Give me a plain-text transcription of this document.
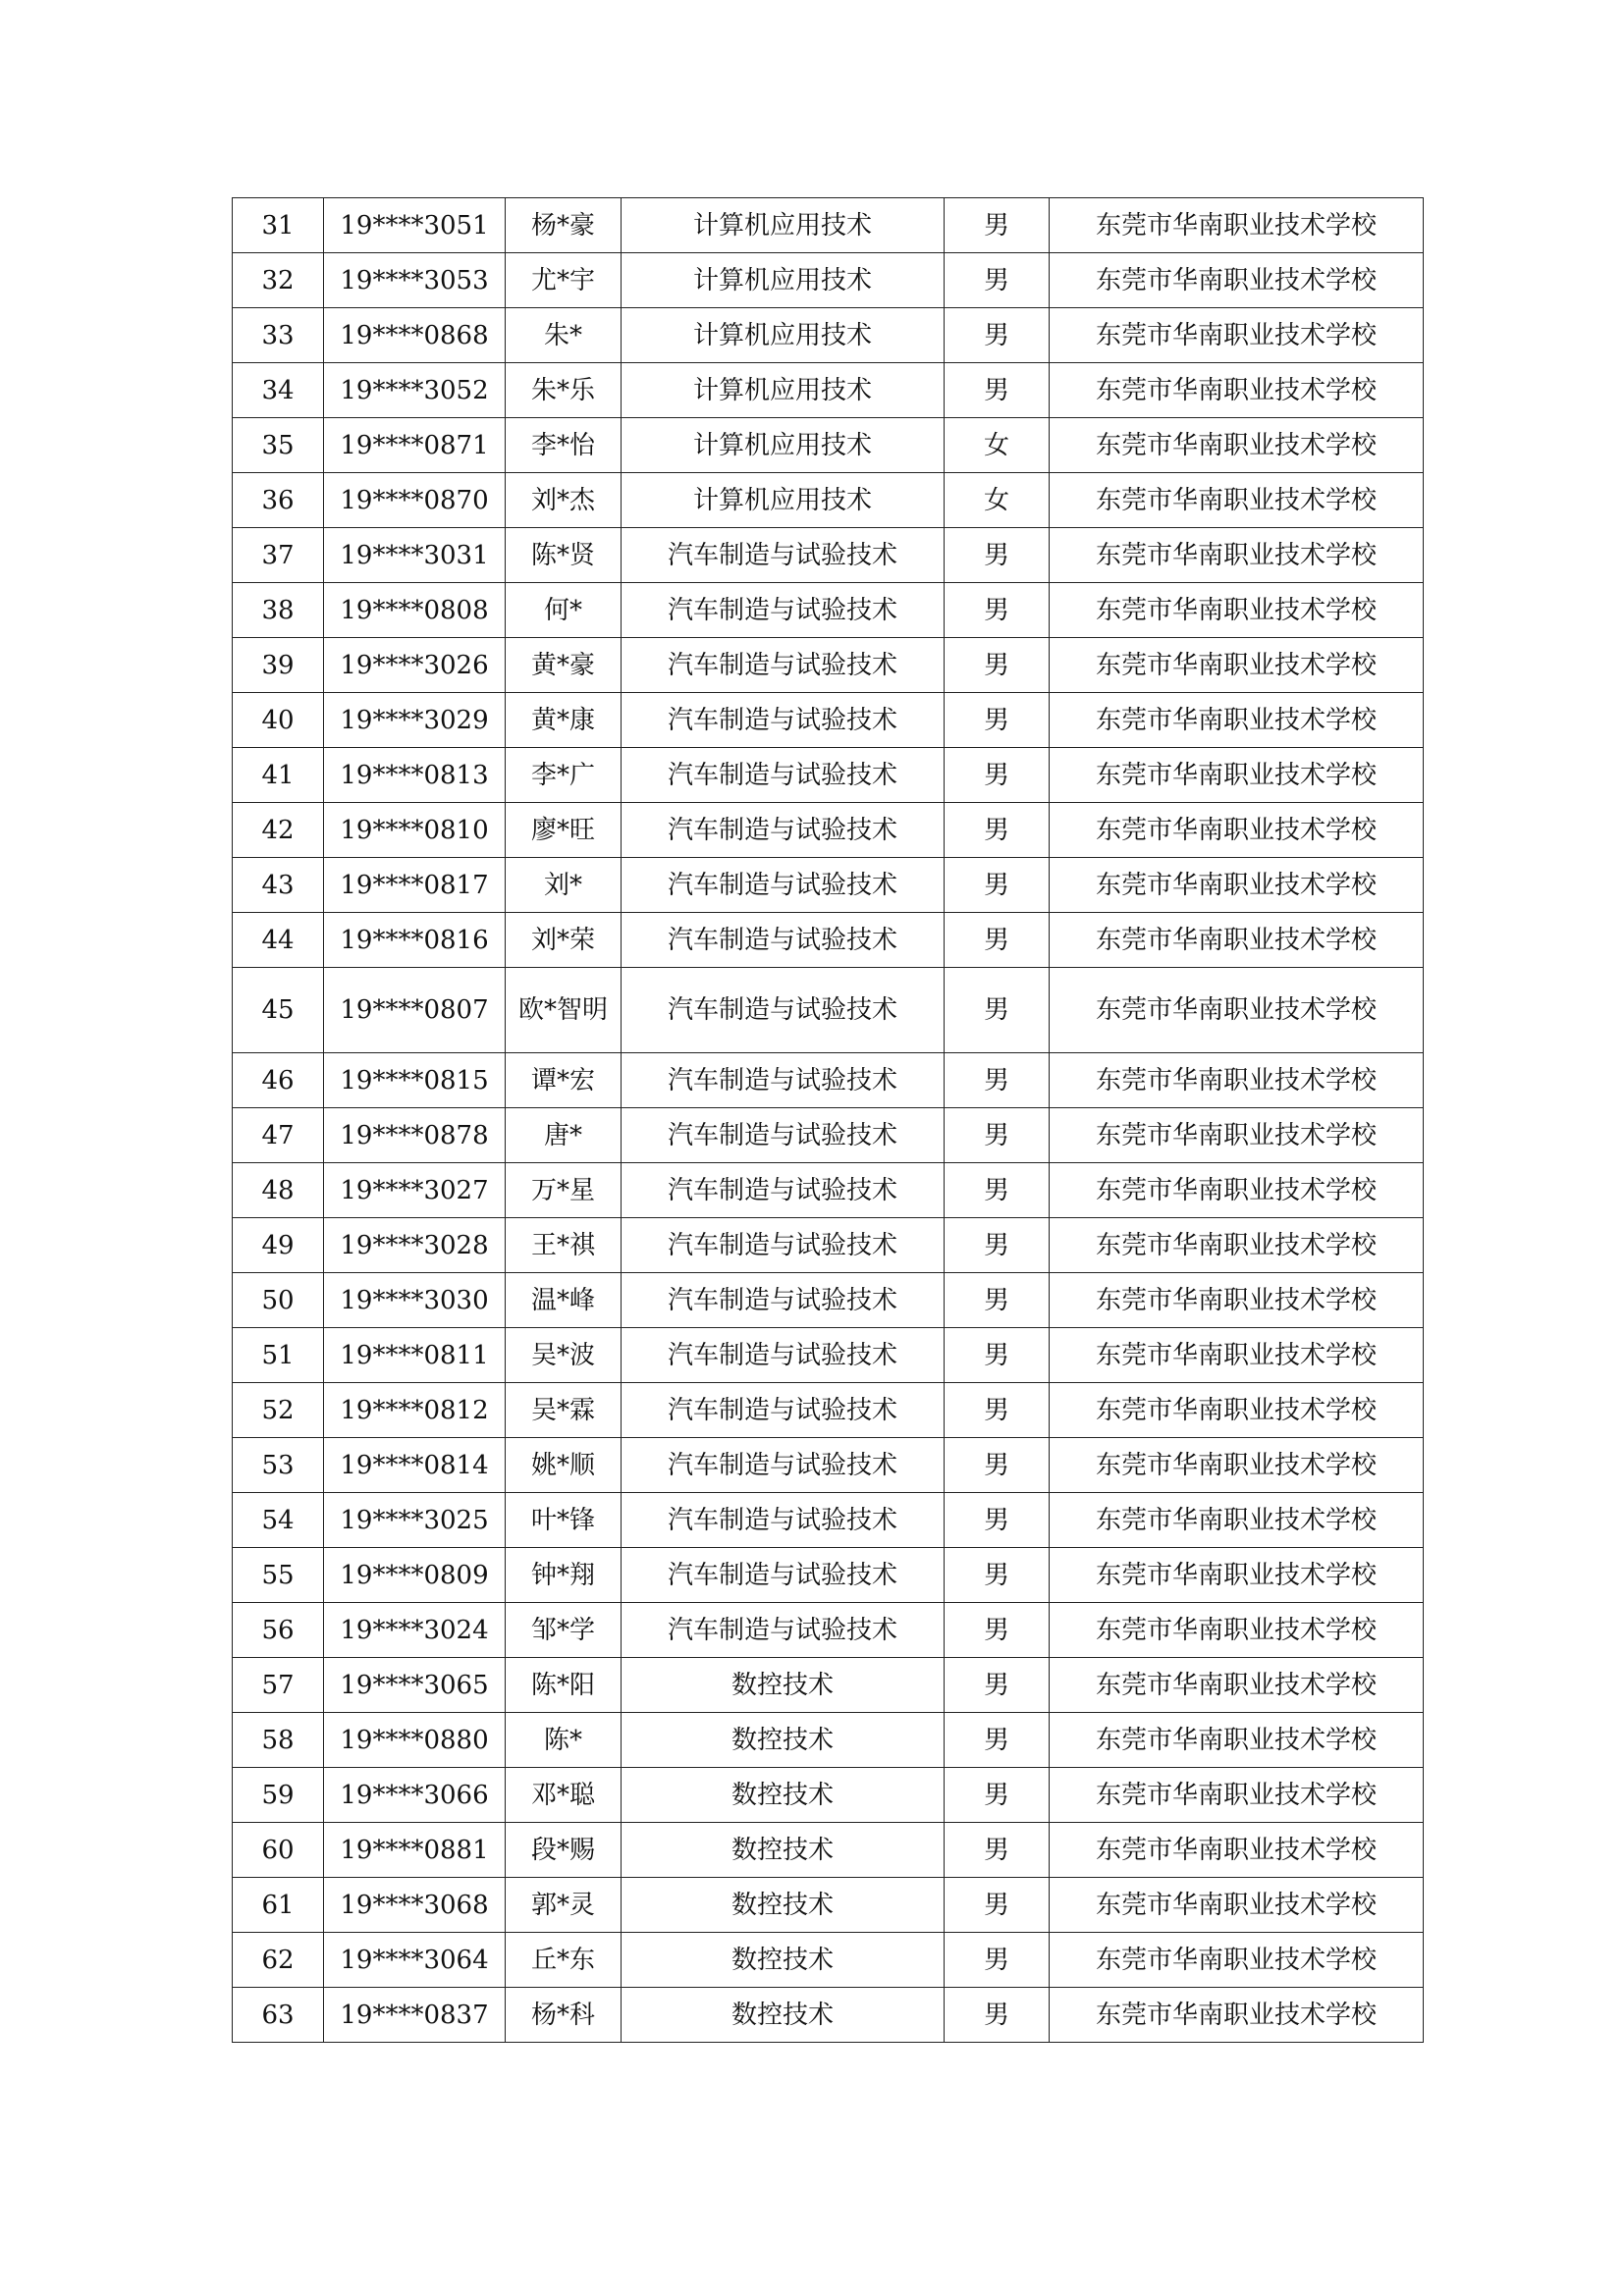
31	19****3051	杨*豪	计算机应用技术	男	东莞市华南职业技术学校
32	19****3053	尤*宇	计算机应用技术	男	东莞市华南职业技术学校
33	19****0868	朱*	计算机应用技术	男	东莞市华南职业技术学校
34	19****3052	朱*乐	计算机应用技术	男	东莞市华南职业技术学校
35	19****0871	李*怡	计算机应用技术	女	东莞市华南职业技术学校
36	19****0870	刘*杰	计算机应用技术	女	东莞市华南职业技术学校
37	19****3031	陈*贤	汽车制造与试验技术	男	东莞市华南职业技术学校
38	19****0808	何*	汽车制造与试验技术	男	东莞市华南职业技术学校
39	19****3026	黄*豪	汽车制造与试验技术	男	东莞市华南职业技术学校
40	19****3029	黄*康	汽车制造与试验技术	男	东莞市华南职业技术学校
41	19****0813	李*广	汽车制造与试验技术	男	东莞市华南职业技术学校
42	19****0810	廖*旺	汽车制造与试验技术	男	东莞市华南职业技术学校
43	19****0817	刘*	汽车制造与试验技术	男	东莞市华南职业技术学校
44	19****0816	刘*荣	汽车制造与试验技术	男	东莞市华南职业技术学校
45	19****0807	欧*智明	汽车制造与试验技术	男	东莞市华南职业技术学校
46	19****0815	谭*宏	汽车制造与试验技术	男	东莞市华南职业技术学校
47	19****0878	唐*	汽车制造与试验技术	男	东莞市华南职业技术学校
48	19****3027	万*星	汽车制造与试验技术	男	东莞市华南职业技术学校
49	19****3028	王*祺	汽车制造与试验技术	男	东莞市华南职业技术学校
50	19****3030	温*峰	汽车制造与试验技术	男	东莞市华南职业技术学校
51	19****0811	吴*波	汽车制造与试验技术	男	东莞市华南职业技术学校
52	19****0812	吴*霖	汽车制造与试验技术	男	东莞市华南职业技术学校
53	19****0814	姚*顺	汽车制造与试验技术	男	东莞市华南职业技术学校
54	19****3025	叶*锋	汽车制造与试验技术	男	东莞市华南职业技术学校
55	19****0809	钟*翔	汽车制造与试验技术	男	东莞市华南职业技术学校
56	19****3024	邹*学	汽车制造与试验技术	男	东莞市华南职业技术学校
57	19****3065	陈*阳	数控技术	男	东莞市华南职业技术学校
58	19****0880	陈*	数控技术	男	东莞市华南职业技术学校
59	19****3066	邓*聪	数控技术	男	东莞市华南职业技术学校
60	19****0881	段*赐	数控技术	男	东莞市华南职业技术学校
61	19****3068	郭*灵	数控技术	男	东莞市华南职业技术学校
62	19****3064	丘*东	数控技术	男	东莞市华南职业技术学校
63	19****0837	杨*科	数控技术	男	东莞市华南职业技术学校
